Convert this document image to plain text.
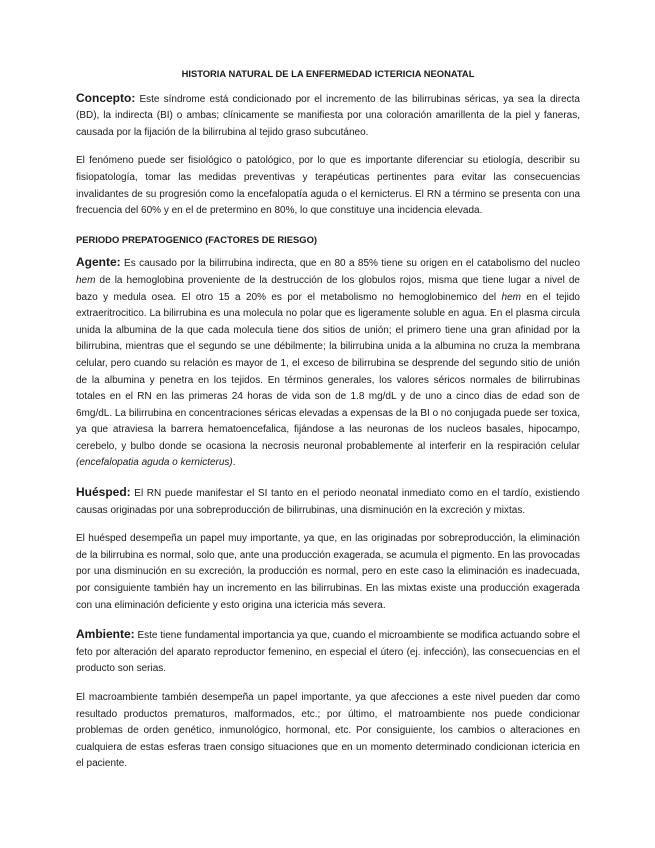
HISTORIA NATURAL DE LA ENFERMEDAD ICTERICIA NEONATAL

Concepto: Este síndrome está condicionado por el incremento de las bilirrubinas séricas, ya sea la directa (BD), la indirecta (BI) o ambas; clínicamente se manifiesta por una coloración amarillenta de la piel y faneras, causada por la fijación de la bilirrubina al tejido graso subcutáneo.

El fenómeno puede ser fisiológico o patológico, por lo que es importante diferenciar su etiología, describir su fisiopatología, tomar las medidas preventivas y terapéuticas pertinentes para evitar las consecuencias invalidantes de su progresión como la encefalopatía aguda o el kernicterus. El RN a término se presenta con una frecuencia del 60% y en el de pretermino en 80%, lo que constituye una incidencia elevada.

PERIODO PREPATOGENICO (FACTORES DE RIESGO)

Agente: Es causado por la bilirrubina indirecta, que en 80 a 85% tiene su origen en el catabolismo del nucleo hem de la hemoglobina proveniente de la destrucción de los globulos rojos, misma que tiene lugar a nivel de bazo y medula osea. El otro 15 a 20% es por el metabolismo no hemoglobinemico del hem en el tejido extraeritrocitico. La bilirrubina es una molecula no polar que es ligeramente soluble en agua. En el plasma circula unida la albumina de la que cada molecula tiene dos sitios de unión; el primero tiene una gran afinidad por la bilirrubina, mientras que el segundo se une débilmente; la bilirrubina unida a la albumina no cruza la membrana celular, pero cuando su relación es mayor de 1, el exceso de bilirrubina se desprende del segundo sitio de unión de la albumina y penetra en los tejidos. En términos generales, los valores séricos normales de bilirrubinas totales en el RN en las primeras 24 horas de vida son de 1.8 mg/dL y de uno a cinco dias de edad son de 6mg/dL. La bilirrubina en concentraciones séricas elevadas a expensas de la BI o no conjugada puede ser toxica, ya que atraviesa la barrera hematoencefalica, fijándose a las neuronas de los nucleos basales, hipocampo, cerebelo, y bulbo donde se ocasiona la necrosis neuronal probablemente al interferir en la respiración celular (encefalopatia aguda o kernicterus).

Huésped: El RN puede manifestar el SI tanto en el periodo neonatal inmediato como en el tardío, existiendo causas originadas por una sobreproducción de bilirrubinas, una disminución en la excreción y mixtas.

El huésped desempeña un papel muy importante, ya que, en las originadas por sobreproducción, la eliminación de la bilirrubina es normal, solo que, ante una producción exagerada, se acumula el pigmento. En las provocadas por una disminución en su excreción, la producción es normal, pero en este caso la eliminación es inadecuada, por consiguiente también hay un incremento en las bilirrubinas. En las mixtas existe una producción exagerada con una eliminación deficiente y esto origina una ictericia más severa.

Ambiente: Este tiene fundamental importancia ya que, cuando el microambiente se modifica actuando sobre el feto por alteración del aparato reproductor femenino, en especial el útero (ej. infección), las consecuencias en el producto son serias.

El macroambiente también desempeña un papel importante, ya que afecciones a este nivel pueden dar como resultado productos prematuros, malformados, etc.; por último, el matroambiente nos puede condicionar problemas de orden genético, inmunológico, hormonal, etc. Por consiguiente, los cambios o alteraciones en cualquiera de estas esferas traen consigo situaciones que en un momento determinado condicionan ictericia en el paciente.
